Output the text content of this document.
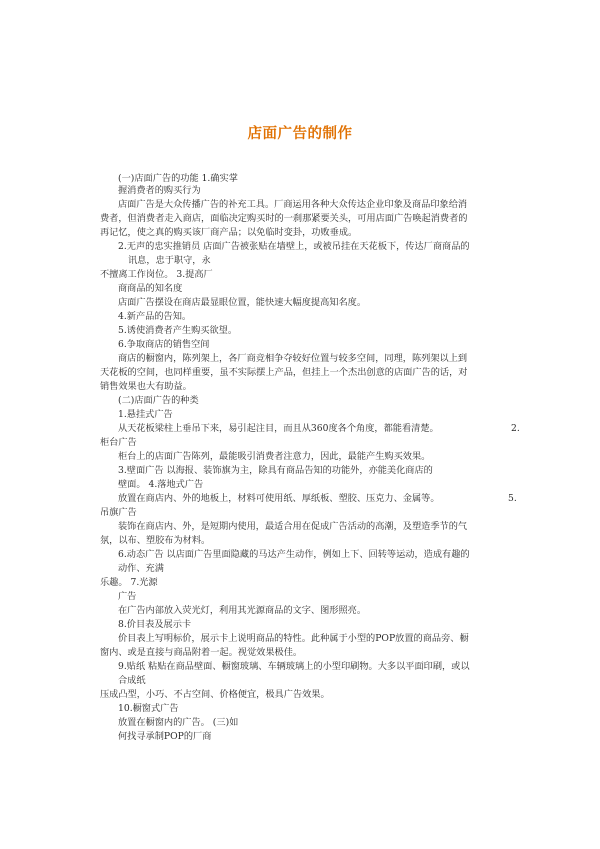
店面广告的制作
(一)店面广告的功能 1.确实掌
握消费者的购买行为
店面广告是大众传播广告的补充工具。厂商运用各种大众传达企业印象及商品印象给消
费者，但消费者走入商店，面临决定购买时的一刹那紧要关头，可用店面广告唤起消费者的
再记忆，使之真的购买该厂商产品；以免临时变卦，功败垂成。
2.无声的忠实推销员 店面广告被张贴在墙壁上，或被吊挂在天花板下，传达厂商商品的
讯息，忠于职守，永
不擅离工作岗位。 3.提高厂
商商品的知名度
店面广告摆设在商店最显眼位置，能快速大幅度提高知名度。
4.新产品的告知。
5.诱使消费者产生购买欲望。
6.争取商店的销售空间
商店的橱窗内，陈列架上，各厂商竞相争夺较好位置与较多空间，同理，陈列架以上到
天花板的空间，也同样重要，虽不实际摆上产品，但挂上一个杰出创意的店面广告的话，对
销售效果也大有助益。
(二)店面广告的种类
1.悬挂式广告
从天花板梁柱上垂吊下来，易引起注目，而且从360度各个角度，都能看清楚。	2.
柜台广告
柜台上的店面广告陈列，最能吸引消费者注意力，因此，最能产生购买效果。
3.壁面广告 以海报、装饰旗为主，除具有商品告知的功能外，亦能美化商店的
壁面。 4.落地式广告
放置在商店内、外的地板上，材料可使用纸、厚纸板、塑胶、压克力、金属等。	5.
吊旗广告
装饰在商店内、外，是短期内使用，最适合用在促成广告活动的高潮，及塑造季节的气
氛，以布、塑胶布为材料。
6.动态广告 以店面广告里面隐藏的马达产生动作，例如上下、回转等运动，造成有趣的
动作、充满
乐趣。 7.光源
广告
在广告内部放入荧光灯，利用其光源商品的文字、图形照亮。
8.价目表及展示卡
价目表上写明标价，展示卡上说明商品的特性。此种属于小型的POP放置的商品旁、橱
窗内、或是直接与商品附着一起。视觉效果极佳。
9.贴纸 粘贴在商品壁面、橱窗玻璃、车辆玻璃上的小型印刷物。大多以平面印刷，或以
合成纸
压成凸型，小巧、不占空间、价格便宜，极具广告效果。
10.橱窗式广告
放置在橱窗内的广告。 (三)如
何找寻承制POP的厂商
